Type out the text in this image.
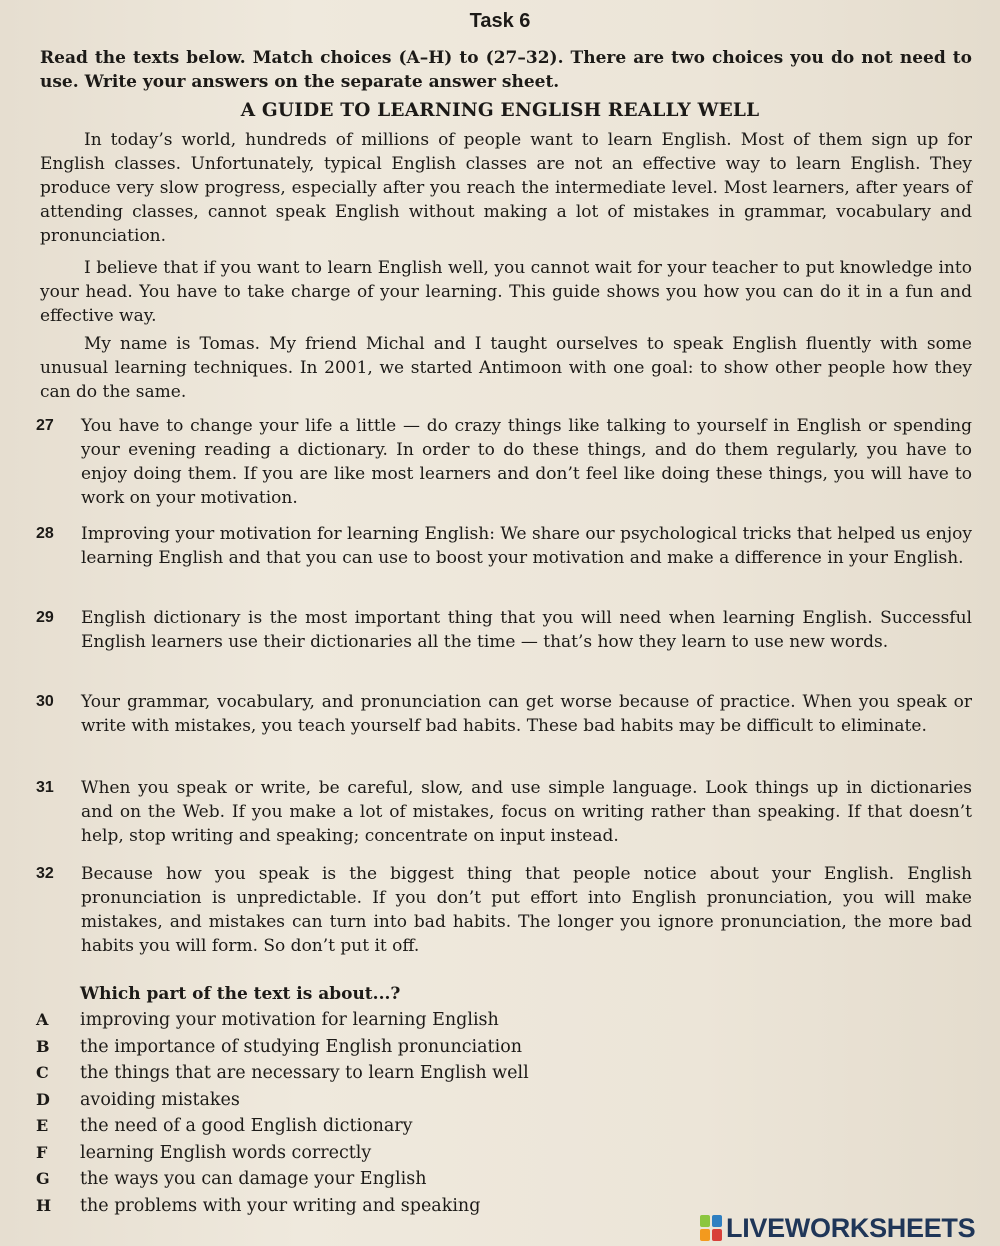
Task 6
Read the texts below. Match choices (A–H) to (27–32). There are two choices you do not need to use. Write your answers on the separate answer sheet.
A GUIDE TO LEARNING ENGLISH REALLY WELL

In today’s world, hundreds of millions of people want to learn English. Most of them sign up for English classes. Unfortunately, typical English classes are not an effective way to learn English. They produce very slow progress, especially after you reach the intermediate level. Most learners, after years of attending classes, cannot speak English without making a lot of mistakes in grammar, vocabulary and pronunciation.

I believe that if you want to learn English well, you cannot wait for your teacher to put knowledge into your head. You have to take charge of your learning. This guide shows you how you can do it in a fun and effective way.

My name is Tomas. My friend Michal and I taught ourselves to speak English fluently with some unusual learning techniques. In 2001, we started Antimoon with one goal: to show other people how they can do the same.

27	You have to change your life a little — do crazy things like talking to yourself in English or spending your evening reading a dictionary. In order to do these things, and do them regularly, you have to enjoy doing them. If you are like most learners and don’t feel like doing these things, you will have to work on your motivation.
28	Improving your motivation for learning English: We share our psychological tricks that helped us enjoy learning English and that you can use to boost your motivation and make a difference in your English.
29	English dictionary is the most important thing that you will need when learning English. Successful English learners use their dictionaries all the time — that’s how they learn to use new words.
30	Your grammar, vocabulary, and pronunciation can get worse because of practice. When you speak or write with mistakes, you teach yourself bad habits. These bad habits may be difficult to eliminate.
31	When you speak or write, be careful, slow, and use simple language. Look things up in dictionaries and on the Web. If you make a lot of mistakes, focus on writing rather than speaking. If that doesn’t help, stop writing and speaking; concentrate on input instead.
32	Because how you speak is the biggest thing that people notice about your English. English pronunciation is unpredictable. If you don’t put effort into English pronunciation, you will make mistakes, and mistakes can turn into bad habits. The longer you ignore pronunciation, the more bad habits you will form. So don’t put it off.
Which part of the text is about...?
A improving your motivation for learning English
B the importance of studying English pronunciation
C the things that are necessary to learn English well
D avoiding mistakes
E the need of a good English dictionary
F learning English words correctly
G the ways you can damage your English
H the problems with your writing and speaking
LIVEWORKSHEETS
